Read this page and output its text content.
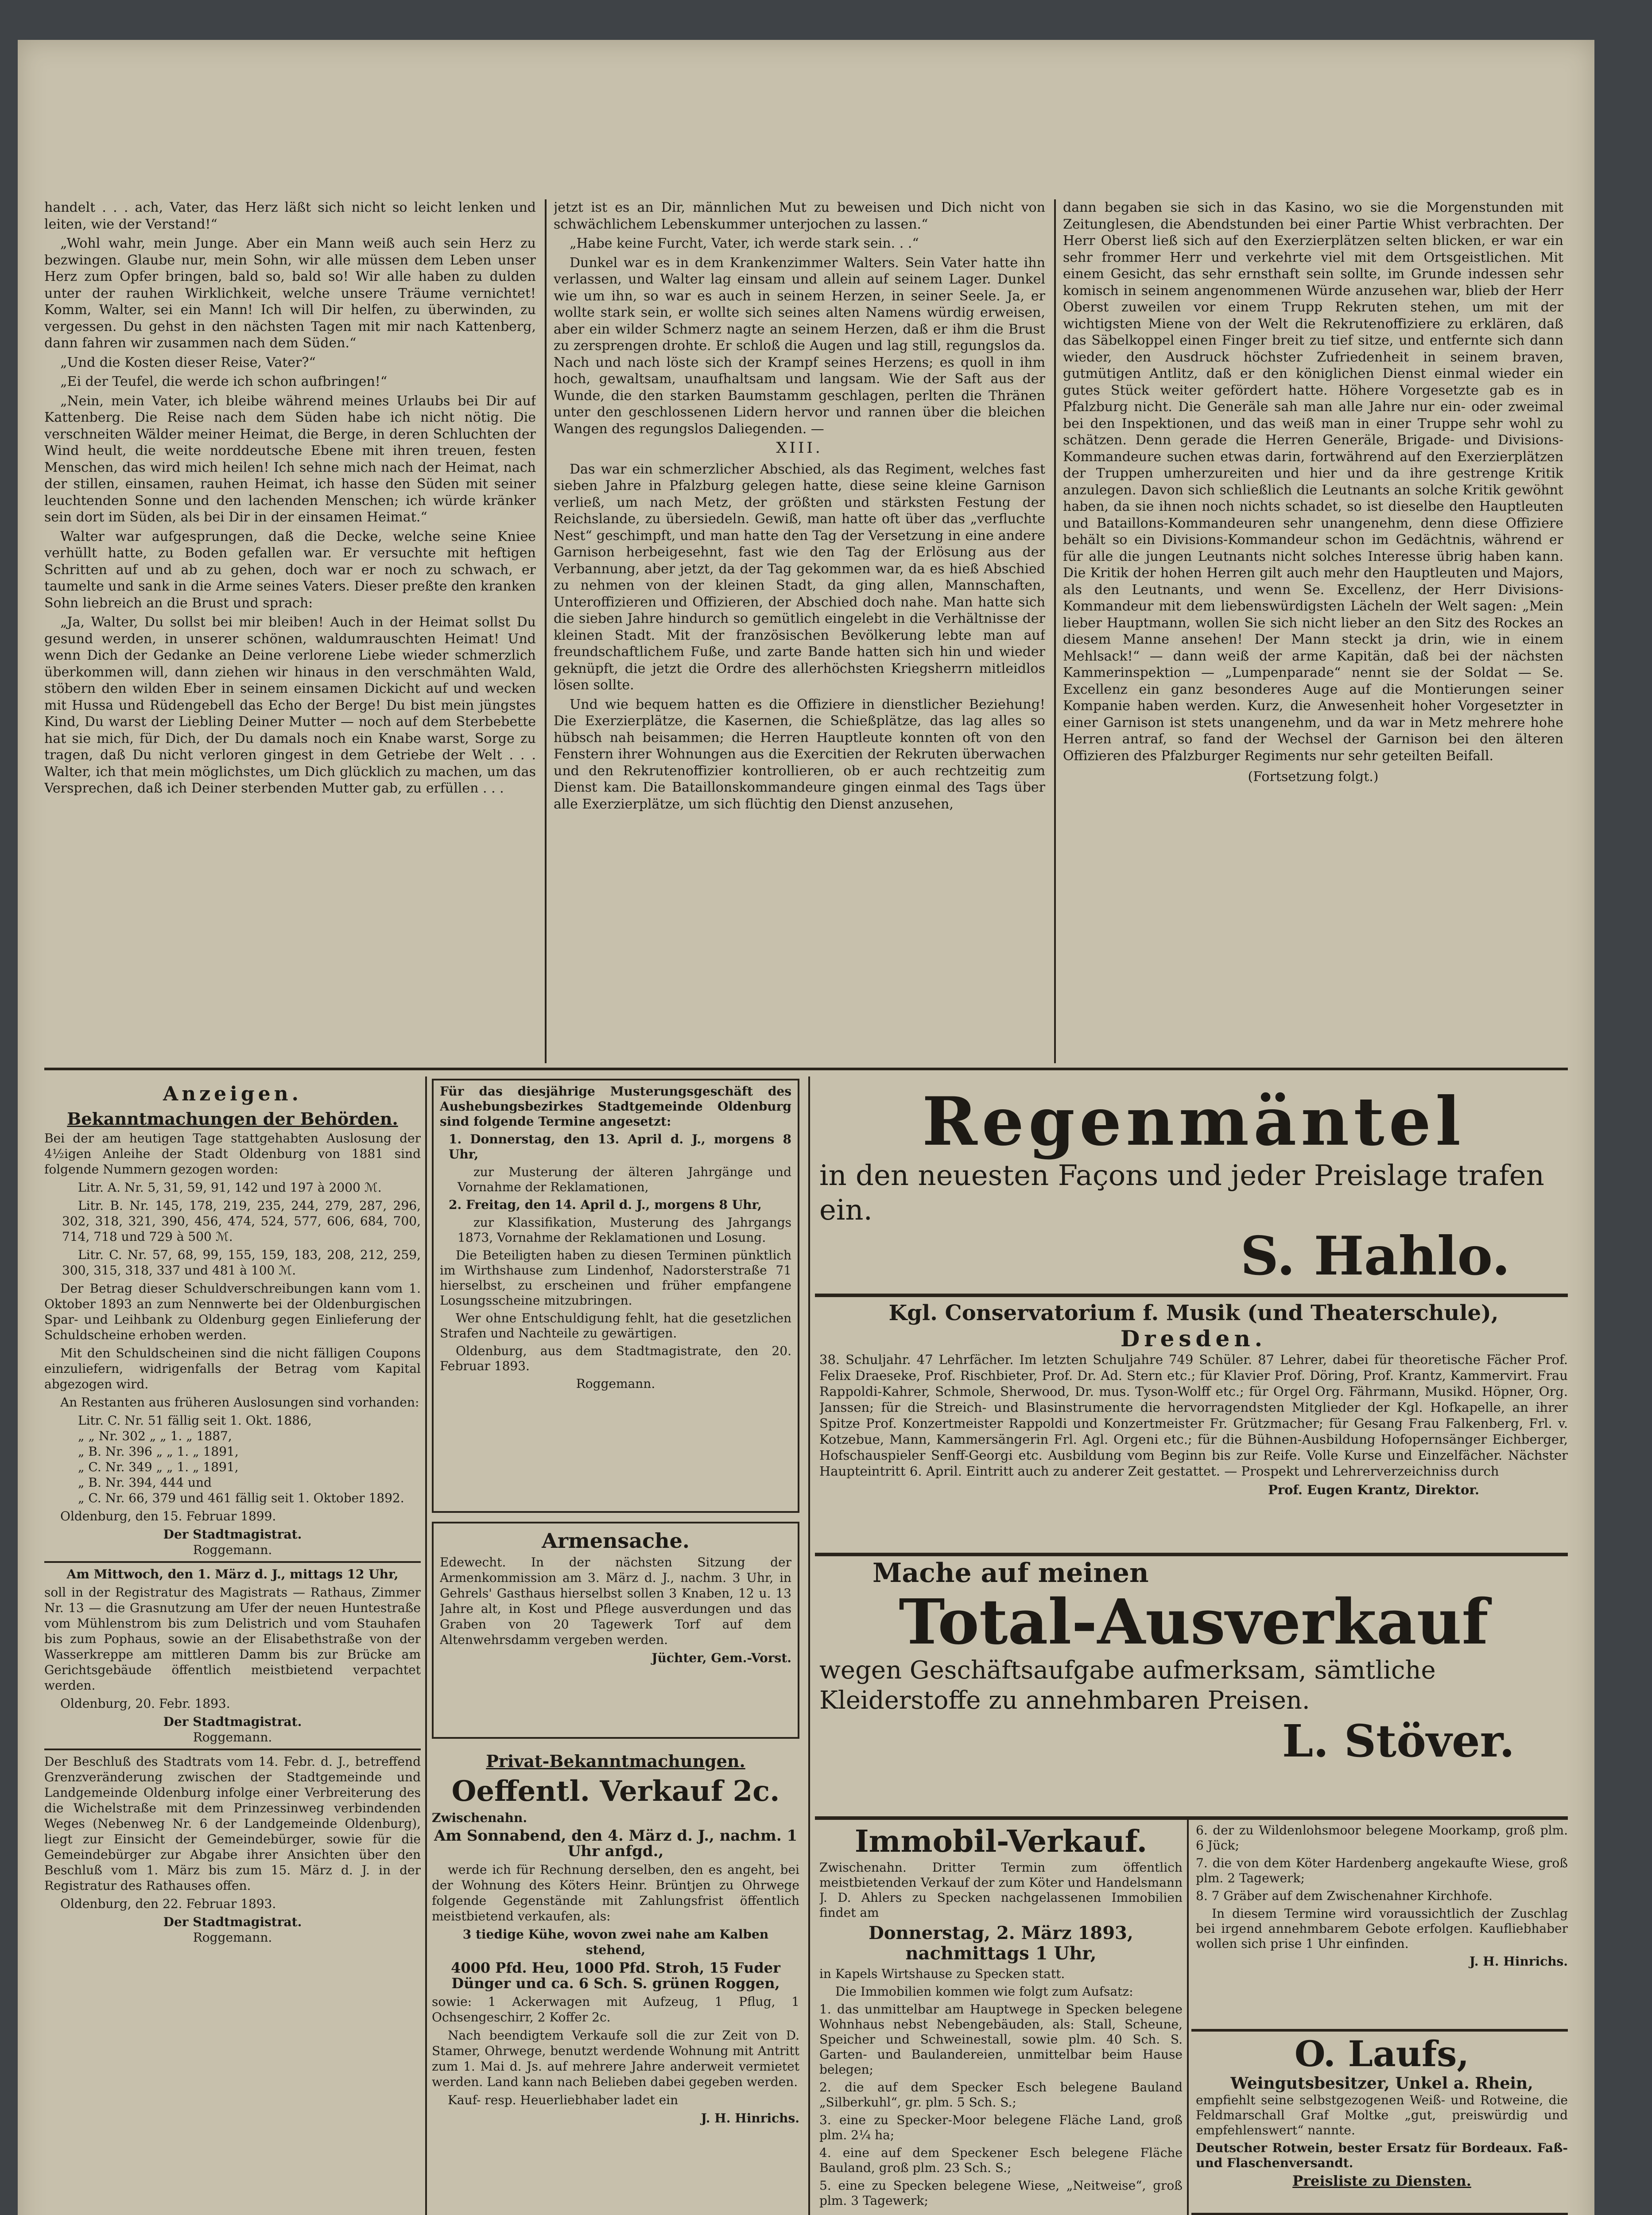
handelt . . . ach, Vater, das Herz läßt sich nicht so leicht lenken und leiten, wie der Verstand!“

„Wohl wahr, mein Junge. Aber ein Mann weiß auch sein Herz zu bezwingen. Glaube nur, mein Sohn, wir alle müssen dem Leben unser Herz zum Opfer bringen, bald so, bald so! Wir alle haben zu dulden unter der rauhen Wirklichkeit, welche unsere Träume vernichtet! Komm, Walter, sei ein Mann! Ich will Dir helfen, zu überwinden, zu vergessen. Du gehst in den nächsten Tagen mit mir nach Kattenberg, dann fahren wir zusammen nach dem Süden.“

„Und die Kosten dieser Reise, Vater?“

„Ei der Teufel, die werde ich schon aufbringen!“

„Nein, mein Vater, ich bleibe während meines Urlaubs bei Dir auf Kattenberg. Die Reise nach dem Süden habe ich nicht nötig. Die verschneiten Wälder meiner Heimat, die Berge, in deren Schluchten der Wind heult, die weite norddeutsche Ebene mit ihren treuen, festen Menschen, das wird mich heilen! Ich sehne mich nach der Heimat, nach der stillen, einsamen, rauhen Heimat, ich hasse den Süden mit seiner leuchtenden Sonne und den lachenden Menschen; ich würde kränker sein dort im Süden, als bei Dir in der einsamen Heimat.“

Walter war aufgesprungen, daß die Decke, welche seine Kniee verhüllt hatte, zu Boden gefallen war. Er versuchte mit heftigen Schritten auf und ab zu gehen, doch war er noch zu schwach, er taumelte und sank in die Arme seines Vaters. Dieser preßte den kranken Sohn liebreich an die Brust und sprach:

„Ja, Walter, Du sollst bei mir bleiben! Auch in der Heimat sollst Du gesund werden, in unserer schönen, waldumrauschten Heimat! Und wenn Dich der Gedanke an Deine verlorene Liebe wieder schmerzlich überkommen will, dann ziehen wir hinaus in den verschmähten Wald, stöbern den wilden Eber in seinem einsamen Dickicht auf und wecken mit Hussa und Rüdengebell das Echo der Berge! Du bist mein jüngstes Kind, Du warst der Liebling Deiner Mutter — noch auf dem Sterbebette hat sie mich, für Dich, der Du damals noch ein Knabe warst, Sorge zu tragen, daß Du nicht verloren gingest in dem Getriebe der Welt . . . Walter, ich that mein möglichstes, um Dich glücklich zu machen, um das Versprechen, daß ich Deiner sterbenden Mutter gab, zu erfüllen . . .

jetzt ist es an Dir, männlichen Mut zu beweisen und Dich nicht von schwächlichem Lebenskummer unterjochen zu lassen.“

„Habe keine Furcht, Vater, ich werde stark sein. . .“

Dunkel war es in dem Krankenzimmer Walters. Sein Vater hatte ihn verlassen, und Walter lag einsam und allein auf seinem Lager. Dunkel wie um ihn, so war es auch in seinem Herzen, in seiner Seele. Ja, er wollte stark sein, er wollte sich seines alten Namens würdig erweisen, aber ein wilder Schmerz nagte an seinem Herzen, daß er ihm die Brust zu zersprengen drohte. Er schloß die Augen und lag still, regungslos da. Nach und nach löste sich der Krampf seines Herzens; es quoll in ihm hoch, gewaltsam, unaufhaltsam und langsam. Wie der Saft aus der Wunde, die den starken Baumstamm geschlagen, perlten die Thränen unter den geschlossenen Lidern hervor und rannen über die bleichen Wangen des regungslos Daliegenden. —

XIII.

Das war ein schmerzlicher Abschied, als das Regiment, welches fast sieben Jahre in Pfalzburg gelegen hatte, diese seine kleine Garnison verließ, um nach Metz, der größten und stärksten Festung der Reichslande, zu übersiedeln. Gewiß, man hatte oft über das „verfluchte Nest“ geschimpft, und man hatte den Tag der Versetzung in eine andere Garnison herbeigesehnt, fast wie den Tag der Erlösung aus der Verbannung, aber jetzt, da der Tag gekommen war, da es hieß Abschied zu nehmen von der kleinen Stadt, da ging allen, Mannschaften, Unteroffizieren und Offizieren, der Abschied doch nahe. Man hatte sich die sieben Jahre hindurch so gemütlich eingelebt in die Verhältnisse der kleinen Stadt. Mit der französischen Bevölkerung lebte man auf freundschaftlichem Fuße, und zarte Bande hatten sich hin und wieder geknüpft, die jetzt die Ordre des allerhöchsten Kriegsherrn mitleidlos lösen sollte.

Und wie bequem hatten es die Offiziere in dienstlicher Beziehung! Die Exerzierplätze, die Kasernen, die Schießplätze, das lag alles so hübsch nah beisammen; die Herren Hauptleute konnten oft von den Fenstern ihrer Wohnungen aus die Exercitien der Rekruten überwachen und den Rekrutenoffizier kontrollieren, ob er auch rechtzeitig zum Dienst kam. Die Bataillonskommandeure gingen einmal des Tags über alle Exerzierplätze, um sich flüchtig den Dienst anzusehen,

dann begaben sie sich in das Kasino, wo sie die Morgenstunden mit Zeitunglesen, die Abendstunden bei einer Partie Whist verbrachten. Der Herr Oberst ließ sich auf den Exerzierplätzen selten blicken, er war ein sehr frommer Herr und verkehrte viel mit dem Ortsgeistlichen. Mit einem Gesicht, das sehr ernsthaft sein sollte, im Grunde indessen sehr komisch in seinem angenommenen Würde anzusehen war, blieb der Herr Oberst zuweilen vor einem Trupp Rekruten stehen, um mit der wichtigsten Miene von der Welt die Rekrutenoffiziere zu erklären, daß das Säbelkoppel einen Finger breit zu tief sitze, und entfernte sich dann wieder, den Ausdruck höchster Zufriedenheit in seinem braven, gutmütigen Antlitz, daß er den königlichen Dienst einmal wieder ein gutes Stück weiter gefördert hatte. Höhere Vorgesetzte gab es in Pfalzburg nicht. Die Generäle sah man alle Jahre nur ein- oder zweimal bei den Inspektionen, und das weiß man in einer Truppe sehr wohl zu schätzen. Denn gerade die Herren Generäle, Brigade- und Divisions-Kommandeure suchen etwas darin, fortwährend auf den Exerzierplätzen der Truppen umherzureiten und hier und da ihre gestrenge Kritik anzulegen. Davon sich schließlich die Leutnants an solche Kritik gewöhnt haben, da sie ihnen noch nichts schadet, so ist dieselbe den Hauptleuten und Bataillons-Kommandeuren sehr unangenehm, denn diese Offiziere behält so ein Divisions-Kommandeur schon im Gedächtnis, während er für alle die jungen Leutnants nicht solches Interesse übrig haben kann. Die Kritik der hohen Herren gilt auch mehr den Hauptleuten und Majors, als den Leutnants, und wenn Se. Excellenz, der Herr Divisions-Kommandeur mit dem liebenswürdigsten Lächeln der Welt sagen: „Mein lieber Hauptmann, wollen Sie sich nicht lieber an den Sitz des Rockes an diesem Manne ansehen! Der Mann steckt ja drin, wie in einem Mehlsack!“ — dann weiß der arme Kapitän, daß bei der nächsten Kammerinspektion — „Lumpenparade“ nennt sie der Soldat — Se. Excellenz ein ganz besonderes Auge auf die Montierungen seiner Kompanie haben werden. Kurz, die Anwesenheit hoher Vorgesetzter in einer Garnison ist stets unangenehm, und da war in Metz mehrere hohe Herren antraf, so fand der Wechsel der Garnison bei den älteren Offizieren des Pfalzburger Regiments nur sehr geteilten Beifall.

(Fortsetzung folgt.)
Anzeigen.
Bekanntmachungen der Behörden.

Bei der am heutigen Tage stattgehabten Auslosung der 4½igen Anleihe der Stadt Oldenburg von 1881 sind folgende Nummern gezogen worden:

Litr. A. Nr. 5, 31, 59, 91, 142 und 197 à 2000 ℳ.

Litr. B. Nr. 145, 178, 219, 235, 244, 279, 287, 296, 302, 318, 321, 390, 456, 474, 524, 577, 606, 684, 700, 714, 718 und 729 à 500 ℳ.

Litr. C. Nr. 57, 68, 99, 155, 159, 183, 208, 212, 259, 300, 315, 318, 337 und 481 à 100 ℳ.

Der Betrag dieser Schuldverschreibungen kann vom 1. Oktober 1893 an zum Nennwerte bei der Oldenburgischen Spar- und Leihbank zu Oldenburg gegen Einlieferung der Schuldscheine erhoben werden.

Mit den Schuldscheinen sind die nicht fälligen Coupons einzuliefern, widrigenfalls der Betrag vom Kapital abgezogen wird.

An Restanten aus früheren Auslosungen sind vorhanden:

Litr. C. Nr. 51 fällig seit 1. Okt. 1886,

„ „ Nr. 302 „ „ 1. „ 1887,

„ B. Nr. 396 „ „ 1. „ 1891,

„ C. Nr. 349 „ „ 1. „ 1891,

„ B. Nr. 394, 444 und

„ C. Nr. 66, 379 und 461 fällig seit 1. Oktober 1892.

Oldenburg, den 15. Februar 1899.

Der Stadtmagistrat.
Roggemann.

Am Mittwoch, den 1. März d. J., mittags 12 Uhr,

soll in der Registratur des Magistrats — Rathaus, Zimmer Nr. 13 — die Grasnutzung am Ufer der neuen Huntestraße vom Mühlenstrom bis zum Delistrich und vom Stauhafen bis zum Pophaus, sowie an der Elisabethstraße von der Wasserkreppe am mittleren Damm bis zur Brücke am Gerichtsgebäude öffentlich meistbietend verpachtet werden.

Oldenburg, 20. Febr. 1893.

Der Stadtmagistrat.
Roggemann.

Der Beschluß des Stadtrats vom 14. Febr. d. J., betreffend Grenzveränderung zwischen der Stadtgemeinde und Landgemeinde Oldenburg infolge einer Verbreiterung des die Wichelstraße mit dem Prinzessinweg verbindenden Weges (Nebenweg Nr. 6 der Landgemeinde Oldenburg), liegt zur Einsicht der Gemeindebürger, sowie für die Gemeindebürger zur Abgabe ihrer Ansichten über den Beschluß vom 1. März bis zum 15. März d. J. in der Registratur des Rathauses offen.

Oldenburg, den 22. Februar 1893.

Der Stadtmagistrat.
Roggemann.

Für das diesjährige Musterungsgeschäft des Aushebungsbezirkes Stadtgemeinde Oldenburg sind folgende Termine angesetzt:

1. Donnerstag, den 13. April d. J., morgens 8 Uhr,

zur Musterung der älteren Jahrgänge und Vornahme der Reklamationen,

2. Freitag, den 14. April d. J., morgens 8 Uhr,

zur Klassifikation, Musterung des Jahrgangs 1873, Vornahme der Reklamationen und Losung.

Die Beteiligten haben zu diesen Terminen pünktlich im Wirthshause zum Lindenhof, Nadorsterstraße 71 hierselbst, zu erscheinen und früher empfangene Losungsscheine mitzubringen.

Wer ohne Entschuldigung fehlt, hat die gesetzlichen Strafen und Nachteile zu gewärtigen.

Oldenburg, aus dem Stadtmagistrate, den 20. Februar 1893.

Roggemann.
Armensache.

Edewecht. In der nächsten Sitzung der Armenkommission am 3. März d. J., nachm. 3 Uhr, in Gehrels' Gasthaus hierselbst sollen 3 Knaben, 12 u. 13 Jahre alt, in Kost und Pflege ausverdungen und das Graben von 20 Tagewerk Torf auf dem Altenwehrsdamm vergeben werden.

Jüchter, Gem.-Vorst.
Privat-Bekanntmachungen.
Oeffentl. Verkauf 2c.

Zwischenahn.

Am Sonnabend, den 4. März d. J., nachm. 1 Uhr anfgd.,

werde ich für Rechnung derselben, den es angeht, bei der Wohnung des Köters Heinr. Brüntjen zu Ohrwege folgende Gegenstände mit Zahlungsfrist öffentlich meistbietend verkaufen, als:

3 tiedige Kühe, wovon zwei nahe am Kalben stehend,

4000 Pfd. Heu, 1000 Pfd. Stroh, 15 Fuder Dünger und ca. 6 Sch. S. grünen Roggen,

sowie: 1 Ackerwagen mit Aufzeug, 1 Pflug, 1 Ochsengeschirr, 2 Koffer 2c.

Nach beendigtem Verkaufe soll die zur Zeit von D. Stamer, Ohrwege, benutzt werdende Wohnung mit Antritt zum 1. Mai d. Js. auf mehrere Jahre anderweit vermietet werden. Land kann nach Belieben dabei gegeben werden.

Kauf- resp. Heuerliebhaber ladet ein

J. H. Hinrichs.

Regenmäntel
in den neuesten Façons und jeder Preislage trafen ein.
S. Hahlo.
Kgl. Conservatorium f. Musik (und Theaterschule),
Dresden.

38. Schuljahr. 47 Lehrfächer. Im letzten Schuljahre 749 Schüler. 87 Lehrer, dabei für theoretische Fächer Prof. Felix Draeseke, Prof. Rischbieter, Prof. Dr. Ad. Stern etc.; für Klavier Prof. Döring, Prof. Krantz, Kammervirt. Frau Rappoldi-Kahrer, Schmole, Sherwood, Dr. mus. Tyson-Wolff etc.; für Orgel Org. Fährmann, Musikd. Höpner, Org. Janssen; für die Streich- und Blasinstrumente die hervorragendsten Mitglieder der Kgl. Hofkapelle, an ihrer Spitze Prof. Konzertmeister Rappoldi und Konzertmeister Fr. Grützmacher; für Gesang Frau Falkenberg, Frl. v. Kotzebue, Mann, Kammersängerin Frl. Agl. Orgeni etc.; für die Bühnen-Ausbildung Hofopernsänger Eichberger, Hofschauspieler Senff-Georgi etc. Ausbildung vom Beginn bis zur Reife. Volle Kurse und Einzelfächer. Nächster Haupteintritt 6. April. Eintritt auch zu anderer Zeit gestattet. — Prospekt und Lehrerverzeichniss durch

Prof. Eugen Krantz, Direktor.
Mache auf meinen
Total-Ausverkauf
wegen Geschäftsaufgabe aufmerksam, sämtliche Kleiderstoffe zu annehmbaren Preisen.
L. Stöver.
Immobil-Verkauf.

Zwischenahn. Dritter Termin zum öffentlich meistbietenden Verkauf der zum Köter und Handelsmann J. D. Ahlers zu Specken nachgelassenen Immobilien findet am

Donnerstag, 2. März 1893, nachmittags 1 Uhr,

in Kapels Wirtshause zu Specken statt.

Die Immobilien kommen wie folgt zum Aufsatz:

1. das unmittelbar am Hauptwege in Specken belegene Wohnhaus nebst Nebengebäuden, als: Stall, Scheune, Speicher und Schweinestall, sowie plm. 40 Sch. S. Garten- und Baulandereien, unmittelbar beim Hause belegen;

2. die auf dem Specker Esch belegene Bauland „Silberkuhl“, gr. plm. 5 Sch. S.;

3. eine zu Specker-Moor belegene Fläche Land, groß plm. 2¼ ha;

4. eine auf dem Speckener Esch belegene Fläche Bauland, groß plm. 23 Sch. S.;

5. eine zu Specken belegene Wiese, „Neitweise“, groß plm. 3 Tagewerk;

6. der zu Wildenlohsmoor belegene Moorkamp, groß plm. 6 Jück;

7. die von dem Köter Hardenberg angekaufte Wiese, groß plm. 2 Tagewerk;

8. 7 Gräber auf dem Zwischenahner Kirchhofe.

In diesem Termine wird voraussichtlich der Zuschlag bei irgend annehmbarem Gebote erfolgen. Kaufliebhaber wollen sich prise 1 Uhr einfinden.

J. H. Hinrichs.
O. Laufs,
Weingutsbesitzer, Unkel a. Rhein,

empfiehlt seine selbstgezogenen Weiß- und Rotweine, die Feldmarschall Graf Moltke „gut, preiswürdig und empfehlenswert“ nannte.

Deutscher Rotwein, bester Ersatz für Bordeaux. Faß- und Flaschenversandt.

Preisliste zu Diensten.
